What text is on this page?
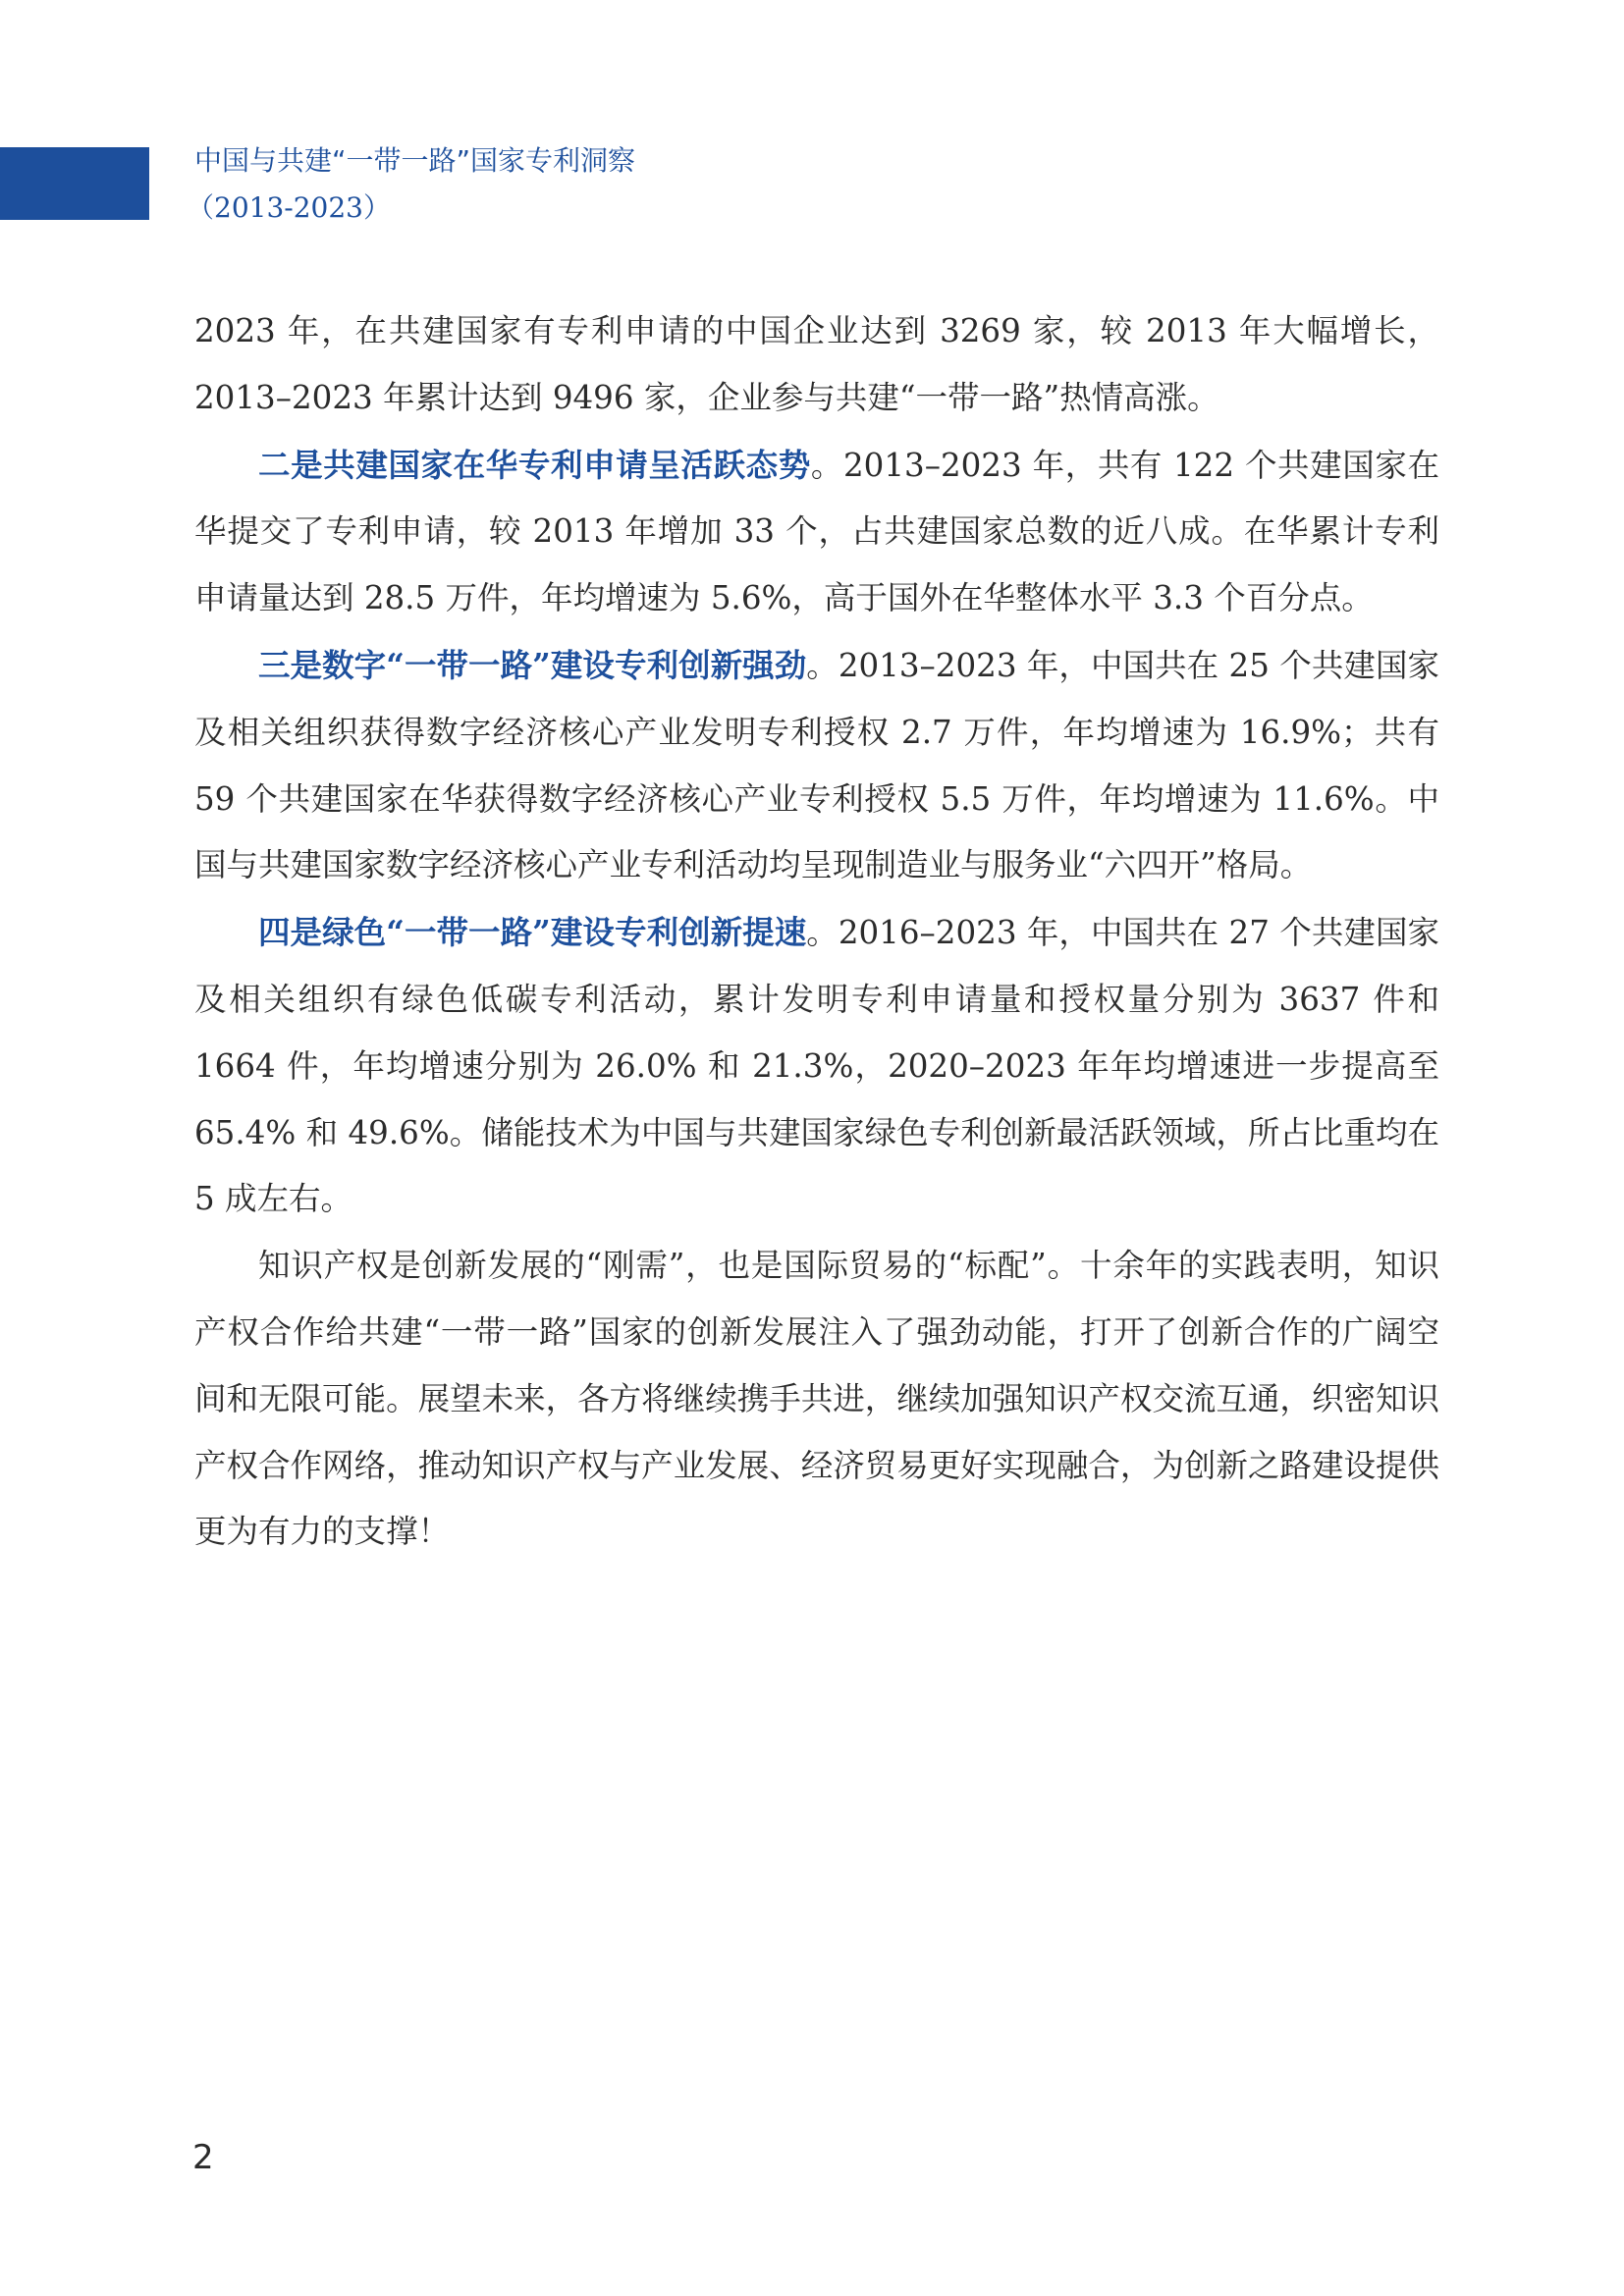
中国与共建“一带一路”国家专利洞察
（2013-2023）

2023 年，在共建国家有专利申请的中国企业达到 3269 家，较 2013 年大幅增长，2013–2023 年累计达到 9496 家，企业参与共建“一带一路”热情高涨。

二是共建国家在华专利申请呈活跃态势。2013–2023 年，共有 122 个共建国家在华提交了专利申请，较 2013 年增加 33 个，占共建国家总数的近八成。在华累计专利申请量达到 28.5 万件，年均增速为 5.6%，高于国外在华整体水平 3.3 个百分点。

三是数字“一带一路”建设专利创新强劲。2013–2023 年，中国共在 25 个共建国家及相关组织获得数字经济核心产业发明专利授权 2.7 万件，年均增速为 16.9%；共有 59 个共建国家在华获得数字经济核心产业专利授权 5.5 万件，年均增速为 11.6%。中国与共建国家数字经济核心产业专利活动均呈现制造业与服务业“六四开”格局。

四是绿色“一带一路”建设专利创新提速。2016–2023 年，中国共在 27 个共建国家及相关组织有绿色低碳专利活动，累计发明专利申请量和授权量分别为 3637 件和 1664 件，年均增速分别为 26.0% 和 21.3%，2020–2023 年年均增速进一步提高至 65.4% 和 49.6%。储能技术为中国与共建国家绿色专利创新最活跃领域，所占比重均在 5 成左右。

知识产权是创新发展的“刚需”，也是国际贸易的“标配”。十余年的实践表明，知识产权合作给共建“一带一路”国家的创新发展注入了强劲动能，打开了创新合作的广阔空间和无限可能。展望未来，各方将继续携手共进，继续加强知识产权交流互通，织密知识产权合作网络，推动知识产权与产业发展、经济贸易更好实现融合，为创新之路建设提供更为有力的支撑！

2
